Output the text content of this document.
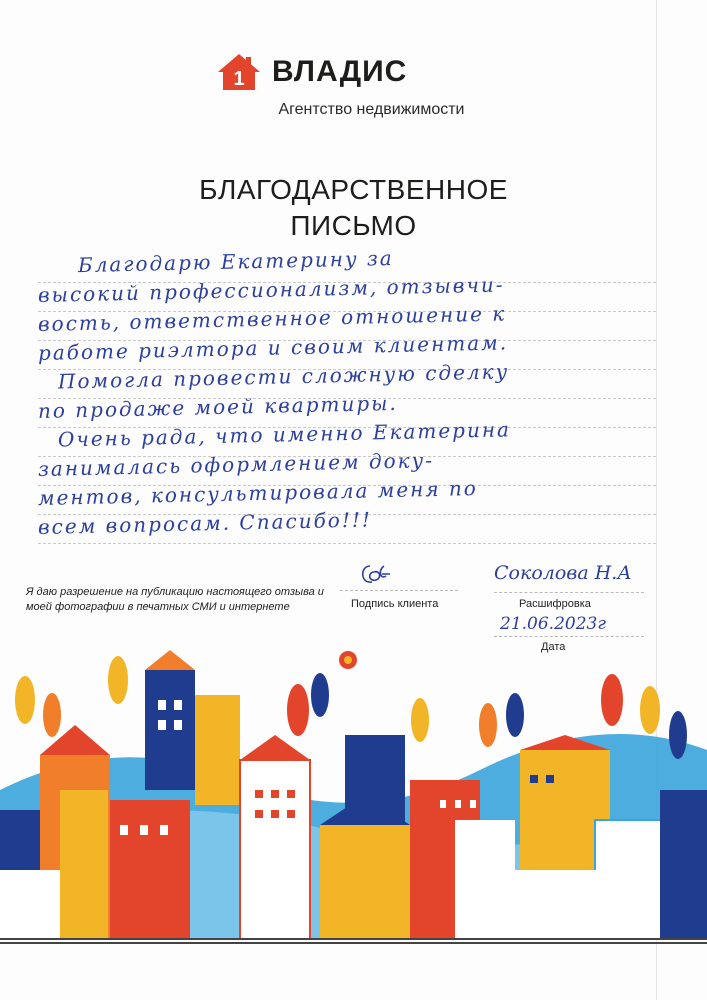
1 ВЛАДИС
Агентство недвижимости
БЛАГОДАРСТВЕННОЕ
ПИСЬМО
Благодарю Екатерину за
высокий профессионализм, отзывчи-
вость, ответственное отношение к
работе риэлтора и своим клиентам.
Помогла провести сложную сделку
по продаже моей квартиры.
Очень рада, что именно Екатерина
занималась оформлением доку-
ментов, консультировала меня по
всем вопросам. Спасибо!!!
Я даю разрешение на публикацию настоящего отзыва и моей фотографии в печатных СМИ и интернете	Подпись клиента
Соколова Н.А
Расшифровка
21.06.2023г
Дата
